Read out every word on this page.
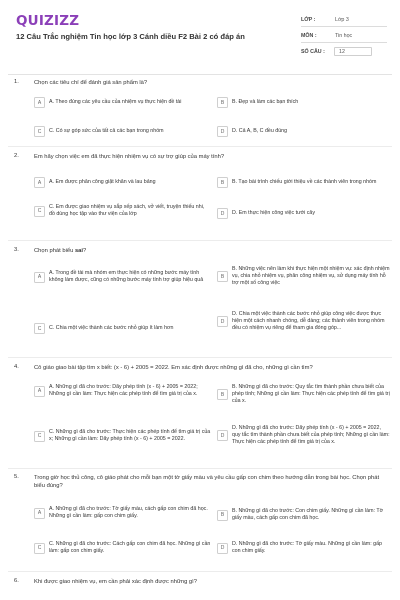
QUIZIZZ
12 Câu Trắc nghiệm Tin học lớp 3 Cánh diều F2 Bài 2 có đáp án
LỚP :	Lớp 3
MÔN :	Tin học
SỐ CÂU :	12
1.	Chọn các tiêu chí để đánh giá sản phẩm là?
A	A. Theo đúng các yêu cầu của nhiệm vụ thực hiện đề tài	B	B. Đẹp và làm các bạn thích
C	C. Có sự góp sức của tất cả các bạn trong nhóm	D	D. Cả A, B, C đều đúng
2.	Em hãy chọn việc em đã thực hiện nhiệm vụ có sự trợ giúp của máy tính?
A	A. Em được phân công giặt khăn và lau bảng	B	B. Tạo bài trình chiếu giới thiệu về các thành viên trong nhóm
C
C. Em được giao nhiệm vụ sắp xếp sách, vở viết, truyện thiếu nhi, đồ dùng học tập vào thư viện của lớp	D	D. Em thực hiện công việc tưới cây
3.	Chọn phát biểu sai?
A
A. Trong đề tài mà nhóm em thực hiện có những bước máy tính không làm được, cũng có những bước máy tính trợ giúp hiệu quả
B
B. Những việc nên làm khi thực hiện một nhiệm vụ: xác định nhiệm vụ, chia nhỏ nhiệm vụ, phân công nhiệm vụ, sử dụng máy tính hỗ trợ một số công việc
C	C. Chia một việc thành các bước nhỏ giúp ít làm hơn
D
D. Chia một việc thành các bước nhỏ giúp công việc được thực hiện một cách nhanh chóng, dễ dàng; các thành viên trong nhóm đều có nhiệm vụ riêng để tham gia đóng góp...
4.	Cô giáo giao bài tập tìm x biết: (x - 6) + 2005 = 2022. Em xác định được những gì đã cho, những gì cần tìm?
A
A. Những gì đã cho trước: Dãy phép tính (x - 6) + 2005 = 2022; Những gì cần làm: Thực hiện các phép tính để tìm giá trị của x.	B
B. Những gì đã cho trước: Quy tắc tìm thành phần chưa biết của phép tính; Những gì cần làm: Thực hiện các phép tính để tìm giá trị của x.
C
C. Những gì đã cho trước: Thực hiện các phép tính để tìm giá trị của x; Những gì cần làm: Dãy phép tính (x - 6) + 2005 = 2022.
D
D. Những gì đã cho trước: Dãy phép tính (x - 6) + 2005 = 2022, quy tắc tìm thành phần chưa biết của phép tính; Những gì cần làm: Thực hiện các phép tính để tìm giá trị của x.
5.	Trong giờ học thủ công, cô giáo phát cho mỗi bạn một tờ giấy màu và yêu cầu gấp con chim theo hướng dẫn trong bài học. Chọn phát biểu đúng?
A
A. Những gì đã cho trước: Tờ giấy màu, cách gấp con chim đã học. Những gì cần làm: gấp con chim giấy.	B
B. Những gì đã cho trước: Con chim giấy. Những gì cần làm: Tờ giấy màu, cách gấp con chim đã học.
C
C. Những gì đã cho trước: Cách gấp con chim đã học. Những gì cần làm: gấp con chim giấy.	D
D. Những gì đã cho trước: Tờ giấy màu. Những gì cần làm: gấp con chim giấy.
6.	Khi được giao nhiệm vụ, em cần phải xác định được những gì?
